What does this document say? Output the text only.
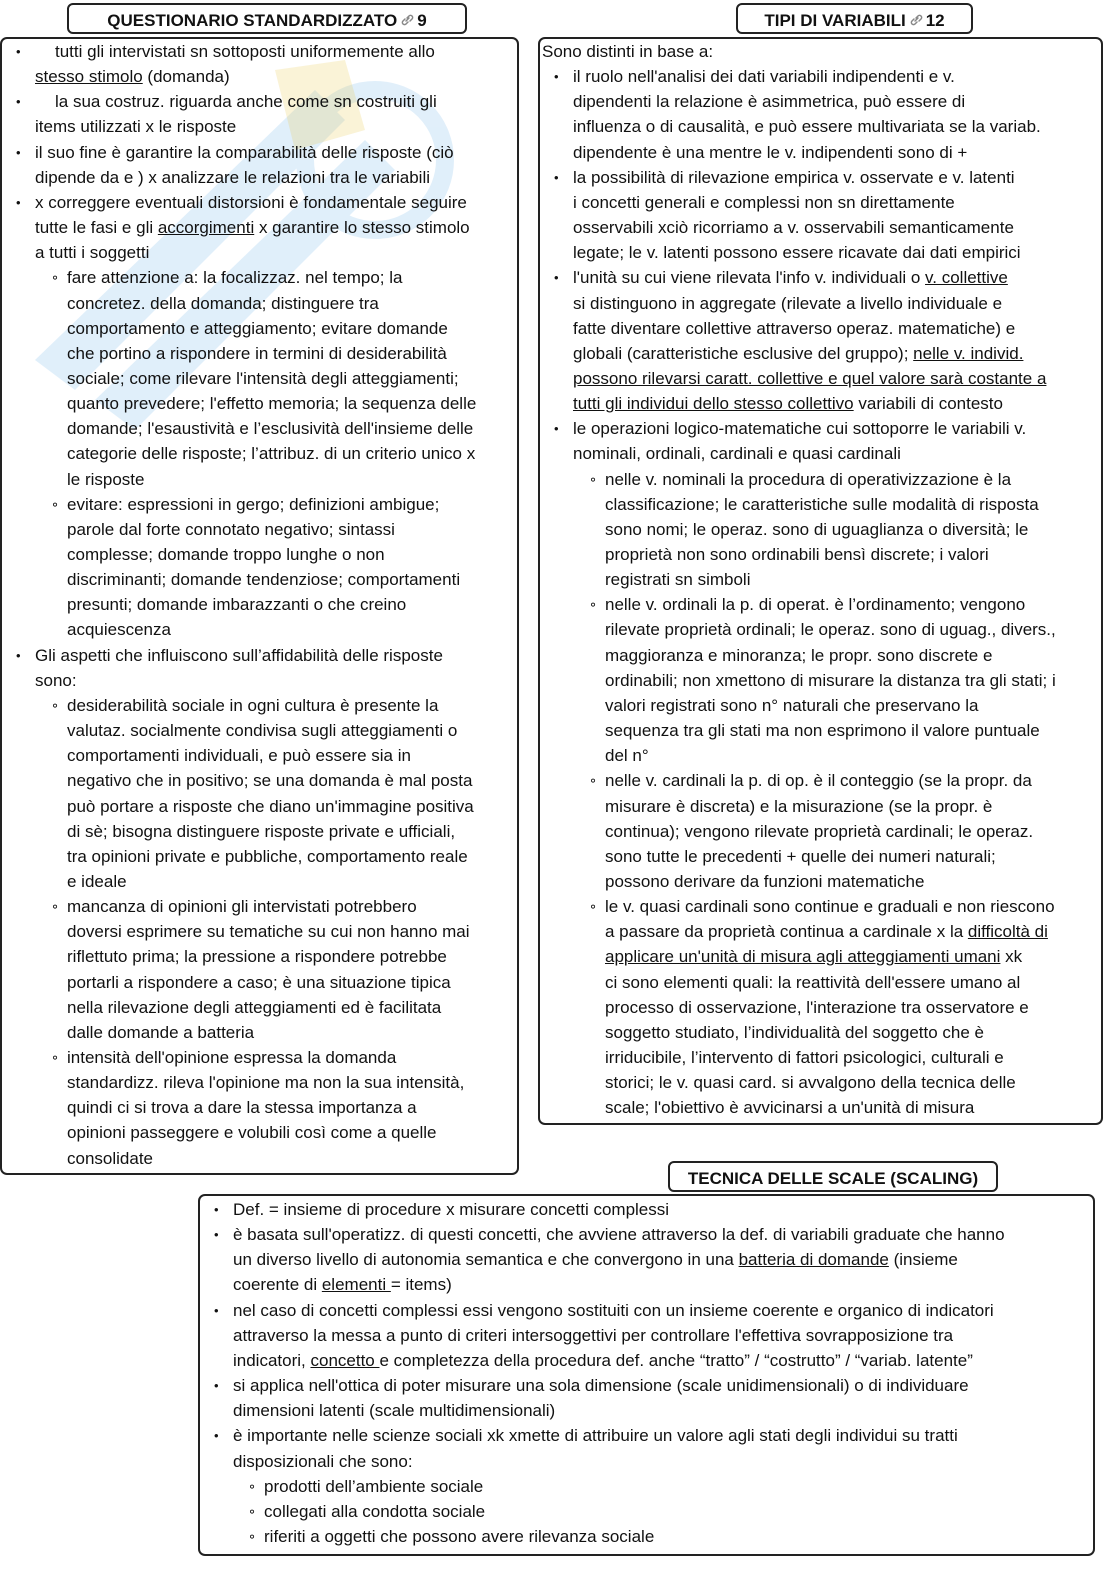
QUESTIONARIO STANDARDIZZATO 9
• tutti gli intervistati sn sottoposti uniformemente allo
stesso stimolo (domanda)
• la sua costruz. riguarda anche come sn costruiti gli
items utilizzati x le risposte
• il suo fine è garantire la comparabilità delle risposte (ciò
dipende da e ) x analizzare le relazioni tra le variabili
• x correggere eventuali distorsioni è fondamentale seguire
tutte le fasi e gli accorgimenti x garantire lo stesso stimolo
a tutti i soggetti
⚬ fare attenzione a: la focalizzaz. nel tempo; la
concretez. della domanda; distinguere tra
comportamento e atteggiamento; evitare domande
che portino a rispondere in termini di desiderabilità
sociale; come rilevare l'intensità degli atteggiamenti;
quanto prevedere; l'effetto memoria; la sequenza delle
domande; l'esaustività e l’esclusività dell'insieme delle
categorie delle risposte; l’attribuz. di un criterio unico x
le risposte
⚬ evitare: espressioni in gergo; definizioni ambigue;
parole dal forte connotato negativo; sintassi
complesse; domande troppo lunghe o non
discriminanti; domande tendenziose; comportamenti
presunti; domande imbarazzanti o che creino
acquiescenza
• Gli aspetti che influiscono sull’affidabilità delle risposte
sono:
⚬ desiderabilità sociale in ogni cultura è presente la
valutaz. socialmente condivisa sugli atteggiamenti o
comportamenti individuali, e può essere sia in
negativo che in positivo; se una domanda è mal posta
può portare a risposte che diano un'immagine positiva
di sè; bisogna distinguere risposte private e ufficiali,
tra opinioni private e pubbliche, comportamento reale
e ideale
⚬ mancanza di opinioni gli intervistati potrebbero
doversi esprimere su tematiche su cui non hanno mai
riflettuto prima; la pressione a rispondere potrebbe
portarli a rispondere a caso; è una situazione tipica
nella rilevazione degli atteggiamenti ed è facilitata
dalle domande a batteria
⚬ intensità dell'opinione espressa la domanda
standardizz. rileva l'opinione ma non la sua intensità,
quindi ci si trova a dare la stessa importanza a
opinioni passeggere e volubili così come a quelle
consolidate
TIPI DI VARIABILI 12
Sono distinti in base a:
• il ruolo nell'analisi dei dati variabili indipendenti e v.
dipendenti la relazione è asimmetrica, può essere di
influenza o di causalità, e può essere multivariata se la variab.
dipendente è una mentre le v. indipendenti sono di +
• la possibilità di rilevazione empirica v. osservate e v. latenti
i concetti generali e complessi non sn direttamente
osservabili xciò ricorriamo a v. osservabili semanticamente
legate; le v. latenti possono essere ricavate dai dati empirici
• l'unità su cui viene rilevata l'info v. individuali o v. collettive
si distinguono in aggregate (rilevate a livello individuale e
fatte diventare collettive attraverso operaz. matematiche) e
globali (caratteristiche esclusive del gruppo); nelle v. individ.
possono rilevarsi caratt. collettive e quel valore sarà costante a
tutti gli individui dello stesso collettivo variabili di contesto
• le operazioni logico-matematiche cui sottoporre le variabili v.
nominali, ordinali, cardinali e quasi cardinali
⚬ nelle v. nominali la procedura di operativizzazione è la
classificazione; le caratteristiche sulle modalità di risposta
sono nomi; le operaz. sono di uguaglianza o diversità; le
proprietà non sono ordinabili bensì discrete; i valori
registrati sn simboli
⚬ nelle v. ordinali la p. di operat. è l’ordinamento; vengono
rilevate proprietà ordinali; le operaz. sono di uguag., divers.,
maggioranza e minoranza; le propr. sono discrete e
ordinabili; non xmettono di misurare la distanza tra gli stati; i
valori registrati sono n° naturali che preservano la
sequenza tra gli stati ma non esprimono il valore puntuale
del n°
⚬ nelle v. cardinali la p. di op. è il conteggio (se la propr. da
misurare è discreta) e la misurazione (se la propr. è
continua); vengono rilevate proprietà cardinali; le operaz.
sono tutte le precedenti + quelle dei numeri naturali;
possono derivare da funzioni matematiche
⚬ le v. quasi cardinali sono continue e graduali e non riescono
a passare da proprietà continua a cardinale x la difficoltà di
applicare un'unità di misura agli atteggiamenti umani xk
ci sono elementi quali: la reattività dell'essere umano al
processo di osservazione, l'interazione tra osservatore e
soggetto studiato, l’individualità del soggetto che è
irriducibile, l’intervento di fattori psicologici, culturali e
storici; le v. quasi card. si avvalgono della tecnica delle
scale; l'obiettivo è avvicinarsi a un'unità di misura
TECNICA DELLE SCALE (SCALING)
• Def. = insieme di procedure x misurare concetti complessi
• è basata sull'operatizz. di questi concetti, che avviene attraverso la def. di variabili graduate che hanno
un diverso livello di autonomia semantica e che convergono in una batteria di domande (insieme
coerente di elementi = items)
• nel caso di concetti complessi essi vengono sostituiti con un insieme coerente e organico di indicatori
attraverso la messa a punto di criteri intersoggettivi per controllare l'effettiva sovrapposizione tra
indicatori, concetto e completezza della procedura def. anche “tratto” / “costrutto” / “variab. latente”
• si applica nell'ottica di poter misurare una sola dimensione (scale unidimensionali) o di individuare
dimensioni latenti (scale multidimensionali)
• è importante nelle scienze sociali xk xmette di attribuire un valore agli stati degli individui su tratti
disposizionali che sono:
⚬ prodotti dell’ambiente sociale
⚬ collegati alla condotta sociale
⚬ riferiti a oggetti che possono avere rilevanza sociale
